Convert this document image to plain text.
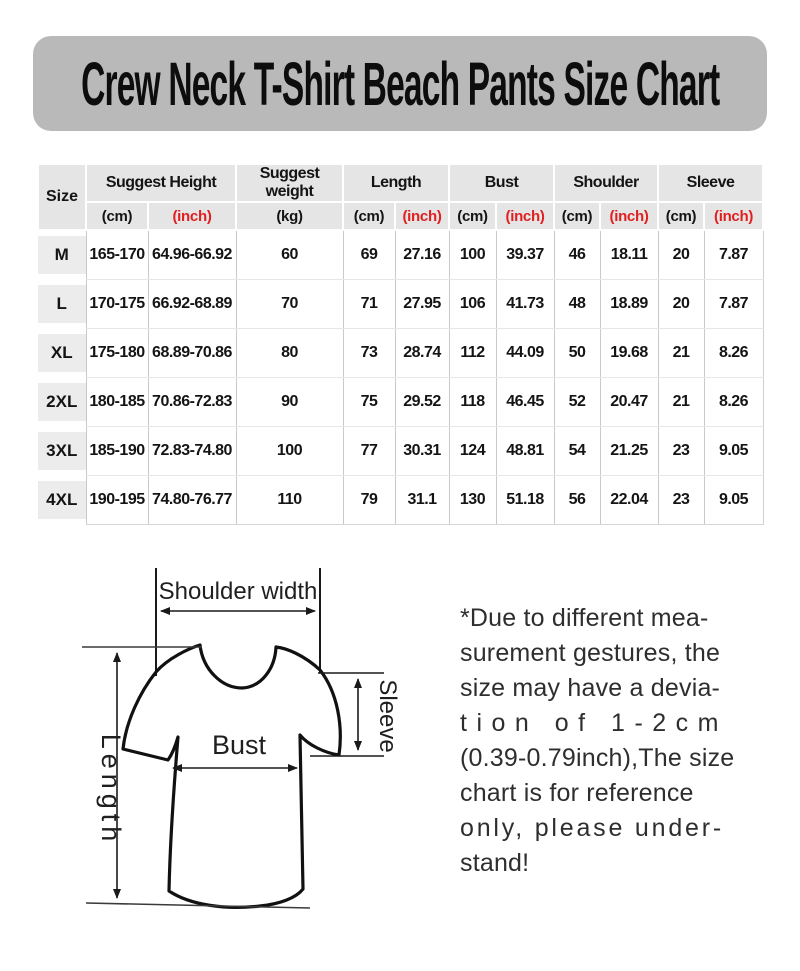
Crew Neck T-Shirt Beach Pants Size Chart
Size	Suggest Height		Suggest weight	Length		Bust		Shoulder		Sleeve	
	(cm)	(inch)	(kg)	(cm)	(inch)	(cm)	(inch)	(cm)	(inch)	(cm)	(inch)

M	165-170	64.96-66.92	60	69	27.16	100	39.37	46	18.11	20	7.87

L	170-175	66.92-68.89	70	71	27.95	106	41.73	48	18.89	20	7.87

XL	175-180	68.89-70.86	80	73	28.74	112	44.09	50	19.68	21	8.26

2XL	180-185	70.86-72.83	90	75	29.52	118	46.45	52	20.47	21	8.26

3XL	185-190	72.83-74.80	100	77	30.31	124	48.81	54	21.25	23	9.05

4XL	190-195	74.80-76.77	110	79	31.1	130	51.18	56	22.04	23	9.05
Shoulder width
Length
Sleeve
Bust
*Due to different mea-
surement gestures, the
size may have a devia-
tion of 1-2cm
(0.39-0.79inch),The size
chart is for reference
only, please under-
stand!
